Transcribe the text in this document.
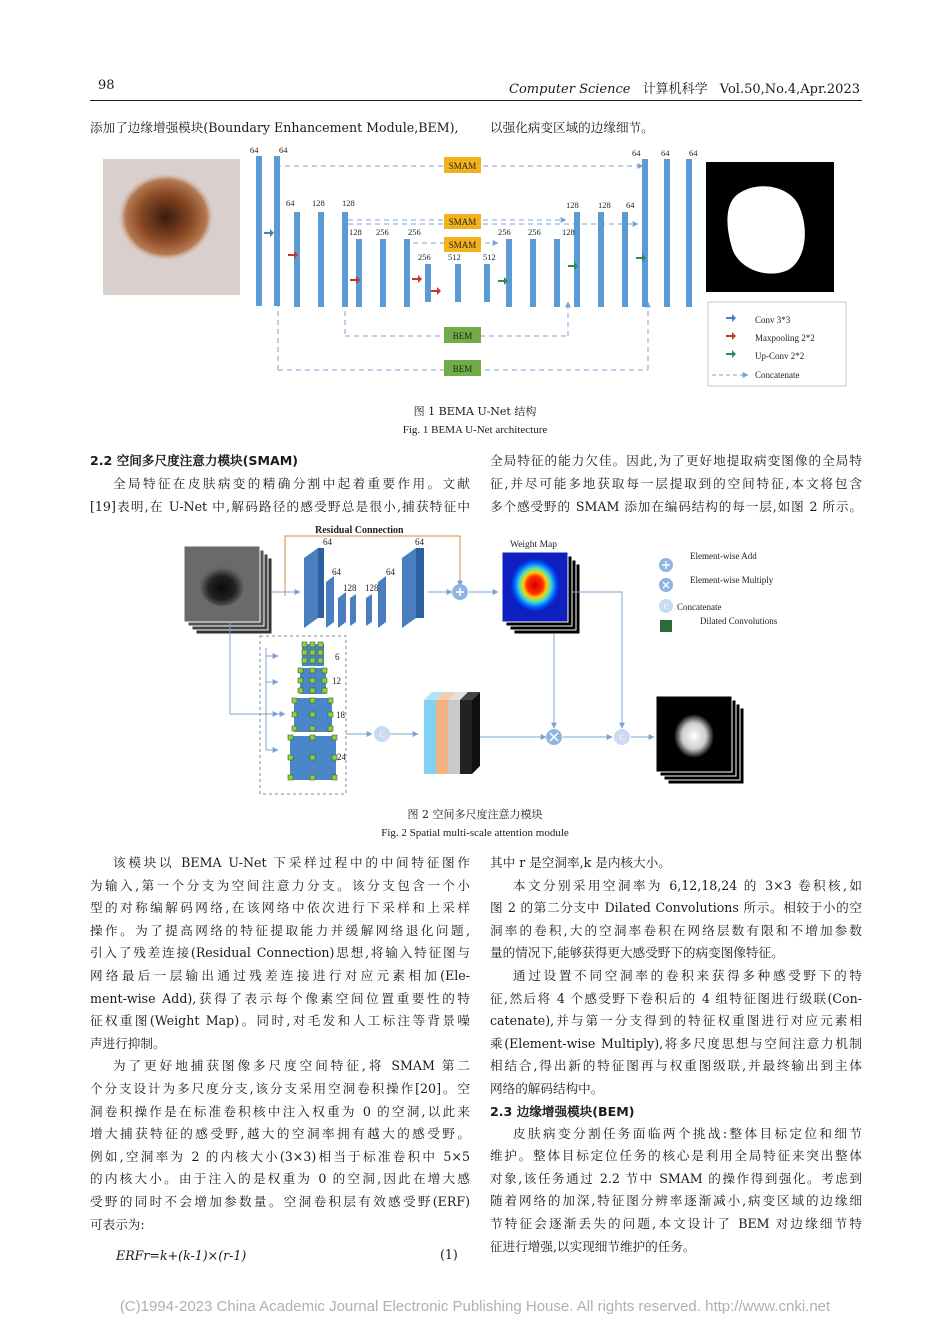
98	Computer Science 计算机科学 Vol.50,No.4,Apr.2023
添加了边缘增强模块(Boundary Enhancement Module,BEM),	以强化病变区域的边缘细节。
64 64
64 128 128
128 256 256
256 512	512
256 256	128
128 128 64
64 64 64
SMAM
SMAM
SMAM
BEM
BEM
Conv 3*3
Maxpooling 2*2
Up-Conv 2*2
Concatenate
图 1 BEMA U-Net 结构
Fig. 1 BEMA U-Net architecture
2.2 空间多尺度注意力模块(SMAM)
全局特征在皮肤病变的精确分割中起着重要作用。文献
[19]表明,在 U-Net 中,解码路径的感受野总是很小,捕获特征中
全局特征的能力欠佳。因此,为了更好地提取病变图像的全局特
征,并尽可能多地获取每一层提取到的空间特征,本文将包含
多个感受野的 SMAM 添加在编码结构的每一层,如图 2 所示。
Residual Connection
64
64
128 128
64
64	Weight Map
Element-wise Add
Element-wise Multiply
C Concatenate
Dilated Convolutions
6
12
18
24
C	C
图 2 空间多尺度注意力模块
Fig. 2 Spatial multi-scale attention module
该模块以 BEMA U-Net 下采样过程中的中间特征图作
为输入,第一个分支为空间注意力分支。该分支包含一个小
型的对称编解码网络,在该网络中依次进行下采样和上采样
操作。为了提高网络的特征提取能力并缓解网络退化问题,
引入了残差连接(Residual Connection)思想,将输入特征图与
网络最后一层输出通过残差连接进行对应元素相加(Ele-
ment-wise Add),获得了表示每个像素空间位置重要性的特
征权重图(Weight Map)。同时,对毛发和人工标注等背景噪
声进行抑制。
为了更好地捕获图像多尺度空间特征,将 SMAM 第二
个分支设计为多尺度分支,该分支采用空洞卷积操作[20]。空
洞卷积操作是在标准卷积核中注入权重为 0 的空洞,以此来
增大捕获特征的感受野,越大的空洞率拥有越大的感受野。
例如,空洞率为 2 的内核大小(3×3)相当于标准卷积中 5×5
的内核大小。由于注入的是权重为 0 的空洞,因此在增大感
受野的同时不会增加参数量。空洞卷积层有效感受野(ERF)
可表示为:
ERFr=k+(k-1)×(r-1)	(1)
其中 r 是空洞率,k 是内核大小。
本文分别采用空洞率为 6,12,18,24 的 3×3 卷积核,如
图 2 的第二分支中 Dilated Convolutions 所示。相较于小的空
洞率的卷积,大的空洞率卷积在网络层数有限和不增加参数
量的情况下,能够获得更大感受野下的病变图像特征。
通过设置不同空洞率的卷积来获得多种感受野下的特
征,然后将 4 个感受野下卷积后的 4 组特征图进行级联(Con-
catenate),并与第一分支得到的特征权重图进行对应元素相
乘(Element-wise Multiply),将多尺度思想与空间注意力机制
相结合,得出新的特征图再与权重图级联,并最终输出到主体
网络的解码结构中。
2.3 边缘增强模块(BEM)
皮肤病变分割任务面临两个挑战:整体目标定位和细节
维护。整体目标定位任务的核心是利用全局特征来突出整体
对象,该任务通过 2.2 节中 SMAM 的操作得到强化。考虑到
随着网络的加深,特征图分辨率逐渐减小,病变区域的边缘细
节特征会逐渐丢失的问题,本文设计了 BEM 对边缘细节特
征进行增强,以实现细节维护的任务。
(C)1994-2023 China Academic Journal Electronic Publishing House. All rights reserved. http://www.cnki.net
